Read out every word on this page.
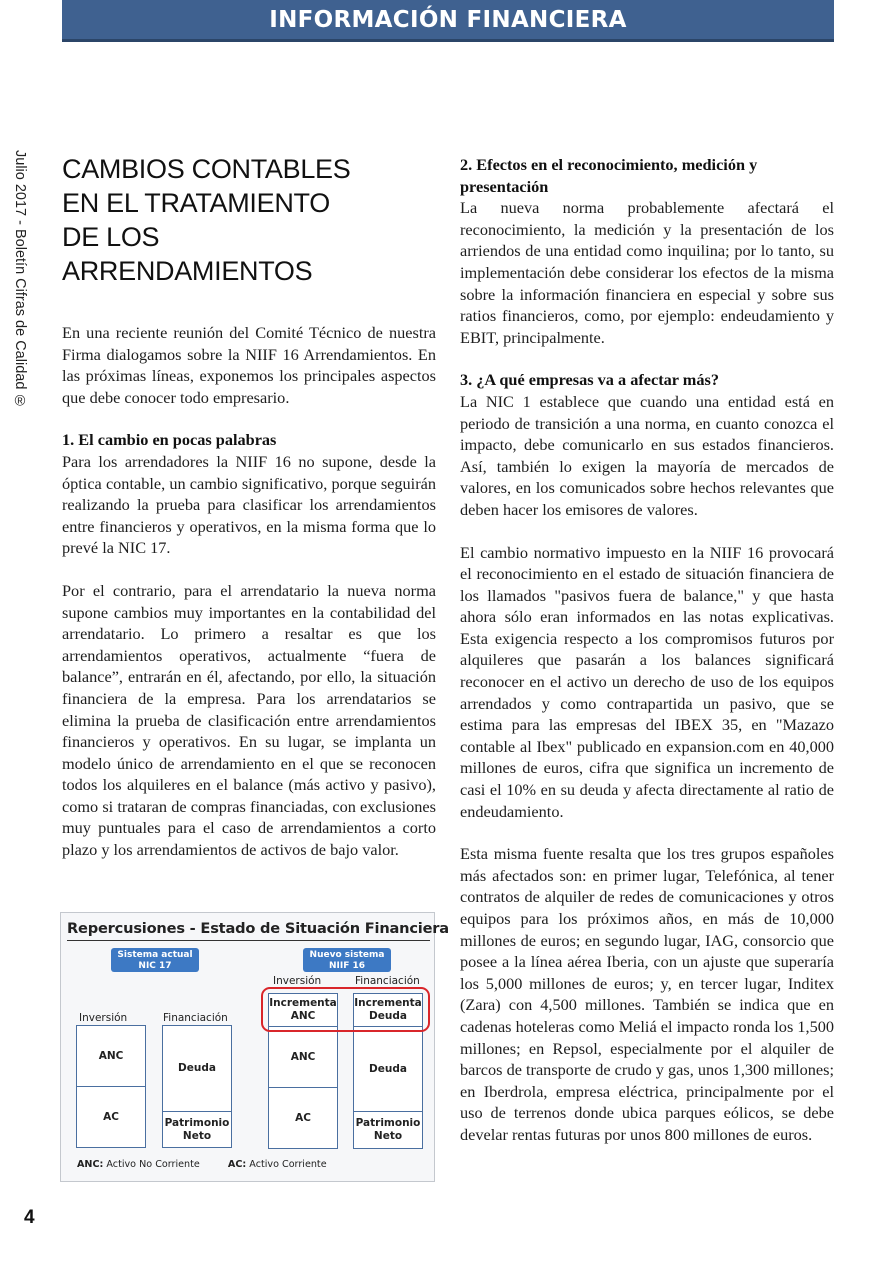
INFORMACIÓN FINANCIERA
Julio 2017 - Boletín Cifras de Calidad ® CAMBIOS CONTABLES
EN EL TRATAMIENTO
DE LOS
ARRENDAMIENTOS

En una reciente reunión del Comité Técnico de nuestra Firma dialogamos sobre la NIIF 16 Arrendamientos. En las próximas líneas, exponemos los principales aspectos que debe conocer todo empresario.

1. El cambio en pocas palabras

Para los arrendadores la NIIF 16 no supone, desde la óptica contable, un cambio significativo, porque seguirán realizando la prueba para clasificar los arrendamientos entre financieros y operativos, en la misma forma que lo prevé la NIC 17.

Por el contrario, para el arrendatario la nueva norma supone cambios muy importantes en la contabilidad del arrendatario. Lo primero a resaltar es que los arrendamientos operativos, actualmente “fuera de balance”, entrarán en él, afectando, por ello, la situación financiera de la empresa. Para los arrendatarios se elimina la prueba de clasificación entre arrendamientos financieros y operativos. En su lugar, se implanta un modelo único de arrendamiento en el que se reconocen todos los alquileres en el balance (más activo y pasivo), como si trataran de compras financiadas, con exclusiones muy puntuales para el caso de arrendamientos a corto plazo y los arrendamientos de activos de bajo valor.

2. Efectos en el reconocimiento, medición y presentación

La nueva norma probablemente afectará el reconocimiento, la medición y la presentación de los arriendos de una entidad como inquilina; por lo tanto, su implementación debe considerar los efectos de la misma sobre la información financiera en especial y sobre sus ratios financieros, como, por ejemplo: endeudamiento y EBIT, principalmente.

3. ¿A qué empresas va a afectar más?

La NIC 1 establece que cuando una entidad está en periodo de transición a una norma, en cuanto conozca el impacto, debe comunicarlo en sus estados financieros. Así, también lo exigen la mayoría de mercados de valores, en los comunicados sobre hechos relevantes que deben hacer los emisores de valores.

El cambio normativo impuesto en la NIIF 16 provocará el reconocimiento en el estado de situación financiera de los llamados "pasivos fuera de balance," y que hasta ahora sólo eran informados en las notas explicativas. Esta exigencia respecto a los compromisos futuros por alquileres que pasarán a los balances significará reconocer en el activo un derecho de uso de los equipos arrendados y como contrapartida un pasivo, que se estima para las empresas del IBEX 35, en "Mazazo contable al Ibex" publicado en expansion.com en 40,000 millones de euros, cifra que significa un incremento de casi el 10% en su deuda y afecta directamente al ratio de endeudamiento.

Esta misma fuente resalta que los tres grupos españoles más afectados son: en primer lugar, Telefónica, al tener contratos de alquiler de redes de comunicaciones y otros equipos para los próximos años, en más de 10,000 millones de euros; en segundo lugar, IAG, consorcio que posee a la línea aérea Iberia, con un ajuste que superaría los 5,000 millones de euros; y, en tercer lugar, Inditex (Zara) con 4,500 millones. También se indica que en cadenas hoteleras como Meliá el impacto ronda los 1,500 millones; en Repsol, especialmente por el alquiler de barcos de transporte de crudo y gas, unos 1,300 millones; en Iberdrola, empresa eléctrica, principalmente por el uso de terrenos donde ubica parques eólicos, se debe develar rentas futuras por unos 800 millones de euros.

Repercusiones - Estado de Situación Financiera
Sistema actual
NIC 17
Nuevo sistema
NIIF 16
Inversión	Financiación
ANC
AC
Deuda
Patrimonio
Neto
Inversión	Financiación
Incrementa
ANC
Incrementa
Deuda
ANC
AC
Deuda
Patrimonio
Neto
ANC: Activo No Corriente	AC: Activo Corriente
4
